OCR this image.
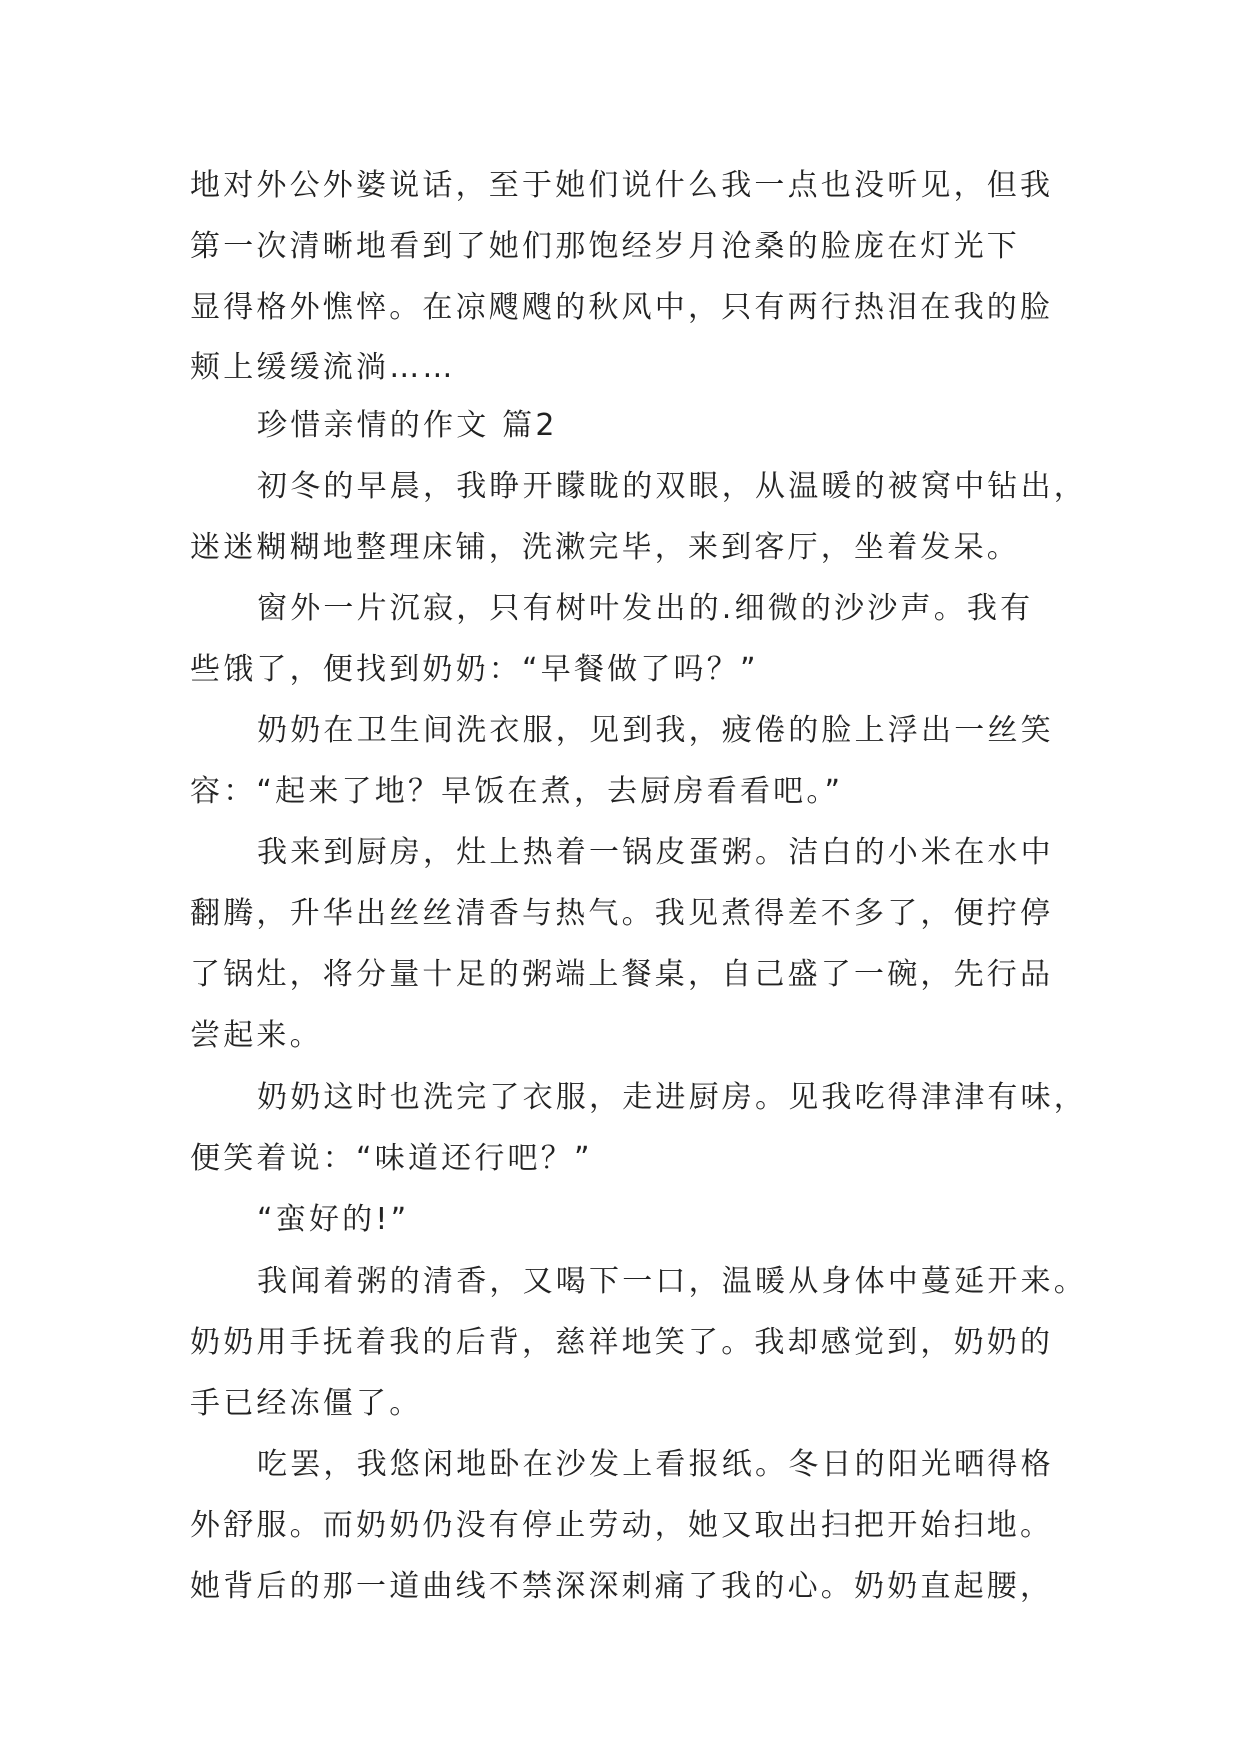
地对外公外婆说话，至于她们说什么我一点也没听见，但我
第一次清晰地看到了她们那饱经岁月沧桑的脸庞在灯光下
显得格外憔悴。在凉飕飕的秋风中，只有两行热泪在我的脸
颊上缓缓流淌……
珍惜亲情的作文 篇2
初冬的早晨，我睁开矇眬的双眼，从温暖的被窝中钻出，
迷迷糊糊地整理床铺，洗漱完毕，来到客厅，坐着发呆。
窗外一片沉寂，只有树叶发出的.细微的沙沙声。我有
些饿了，便找到奶奶：“早餐做了吗？”
奶奶在卫生间洗衣服，见到我，疲倦的脸上浮出一丝笑
容：“起来了地？早饭在煮，去厨房看看吧。”
我来到厨房，灶上热着一锅皮蛋粥。洁白的小米在水中
翻腾，升华出丝丝清香与热气。我见煮得差不多了，便拧停
了锅灶，将分量十足的粥端上餐桌，自己盛了一碗，先行品
尝起来。
奶奶这时也洗完了衣服，走进厨房。见我吃得津津有味，
便笑着说：“味道还行吧？”
“蛮好的!”
我闻着粥的清香，又喝下一口，温暖从身体中蔓延开来。
奶奶用手抚着我的后背，慈祥地笑了。我却感觉到，奶奶的
手已经冻僵了。
吃罢，我悠闲地卧在沙发上看报纸。冬日的阳光晒得格
外舒服。而奶奶仍没有停止劳动，她又取出扫把开始扫地。
她背后的那一道曲线不禁深深刺痛了我的心。奶奶直起腰，
